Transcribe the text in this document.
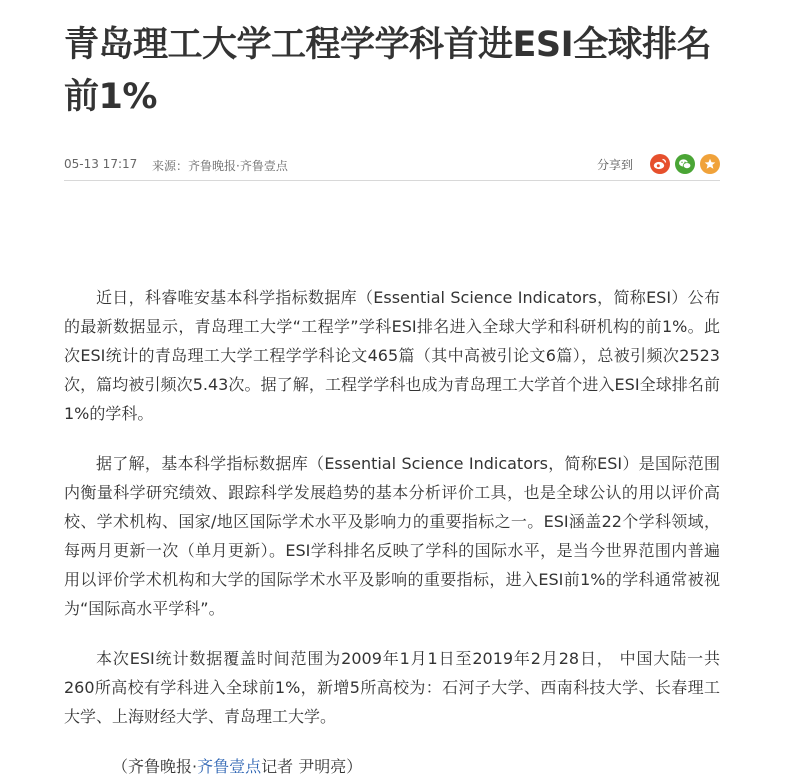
青岛理工大学工程学学科首进ESI全球排名前1%
05-13 17:17 来源：齐鲁晚报·齐鲁壹点	分享到

近日，科睿唯安基本科学指标数据库（Essential Science Indicators，简称ESI）公布的最新数据显示，青岛理工大学“工程学”学科ESI排名进入全球大学和科研机构的前1%。此次ESI统计的青岛理工大学工程学学科论文465篇（其中高被引论文6篇），总被引频次2523次，篇均被引频次5.43次。据了解，工程学学科也成为青岛理工大学首个进入ESI全球排名前1%的学科。

据了解，基本科学指标数据库（Essential Science Indicators，简称ESI）是国际范围内衡量科学研究绩效、跟踪科学发展趋势的基本分析评价工具，也是全球公认的用以评价高校、学术机构、国家/地区国际学术水平及影响力的重要指标之一。ESI涵盖22个学科领域，每两月更新一次（单月更新）。ESI学科排名反映了学科的国际水平，是当今世界范围内普遍用以评价学术机构和大学的国际学术水平及影响的重要指标，进入ESI前1%的学科通常被视为“国际高水平学科”。

本次ESI统计数据覆盖时间范围为2009年1月1日至2019年2月28日， 中国大陆一共260所高校有学科进入全球前1%，新增5所高校为：石河子大学、西南科技大学、长春理工大学、上海财经大学、青岛理工大学。

（齐鲁晚报·齐鲁壹点记者 尹明亮）
